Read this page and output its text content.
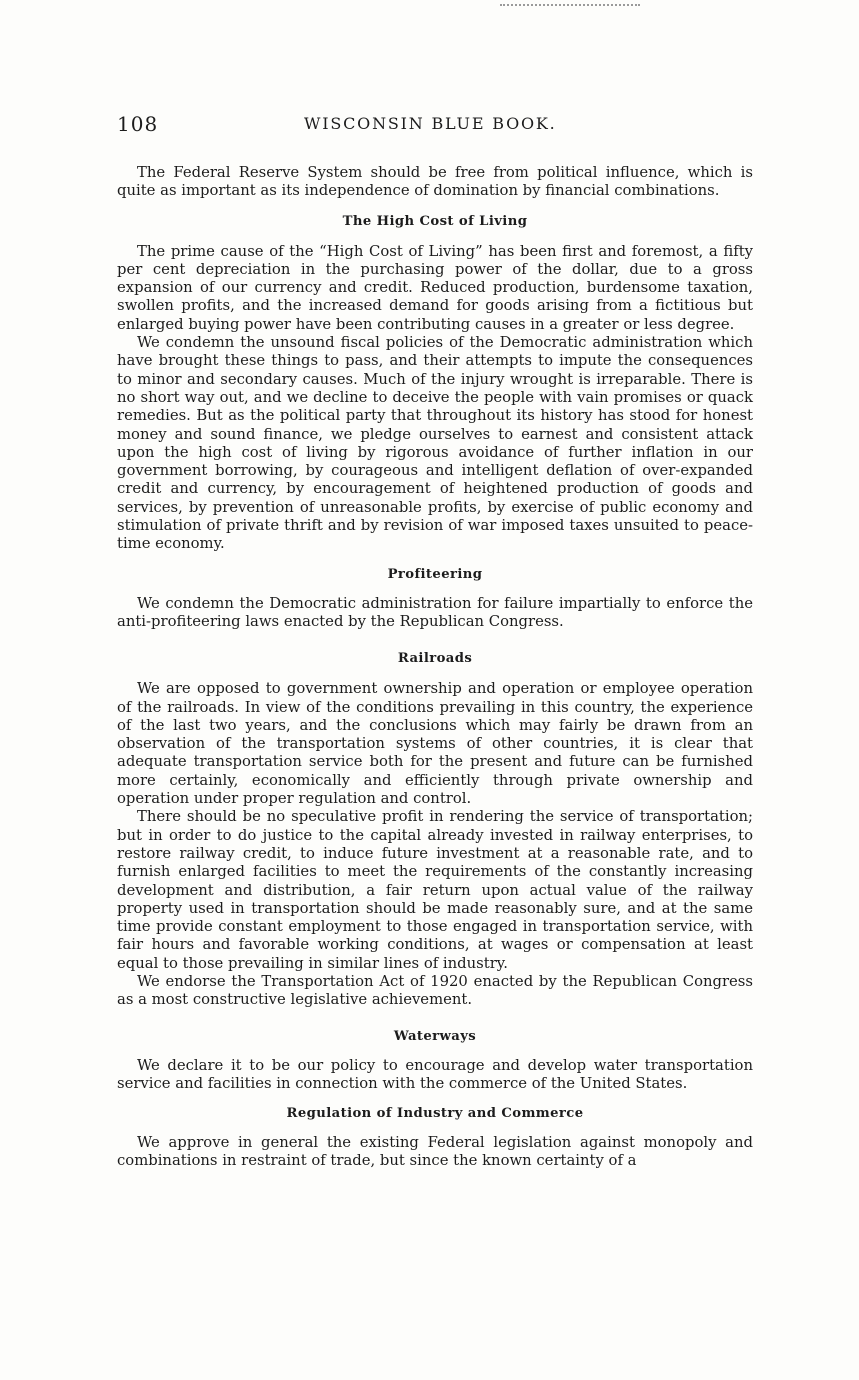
108	WISCONSIN BLUE BOOK.

The Federal Reserve System should be free from political influence, which is quite as important as its independence of domination by financial combinations.

The High Cost of Living

The prime cause of the “High Cost of Living” has been first and foremost, a fifty per cent depreciation in the purchasing power of the dollar, due to a gross expansion of our currency and credit. Reduced production, burdensome taxation, swollen profits, and the increased demand for goods arising from a fictitious but enlarged buying power have been contributing causes in a greater or less degree.

We condemn the unsound fiscal policies of the Democratic administration which have brought these things to pass, and their attempts to impute the consequences to minor and secondary causes. Much of the injury wrought is irreparable. There is no short way out, and we decline to deceive the people with vain promises or quack remedies. But as the political party that throughout its history has stood for honest money and sound finance, we pledge ourselves to earnest and consistent attack upon the high cost of living by rigorous avoidance of further inflation in our government borrowing, by courageous and intelligent deflation of over-expanded credit and currency, by encouragement of heightened production of goods and services, by prevention of unreasonable profits, by exercise of public economy and stimulation of private thrift and by revision of war imposed taxes unsuited to peace-time economy.

Profiteering

We condemn the Democratic administration for failure impartially to enforce the anti-profiteering laws enacted by the Republican Congress.

Railroads

We are opposed to government ownership and operation or employee operation of the railroads. In view of the conditions prevailing in this country, the experience of the last two years, and the conclusions which may fairly be drawn from an observation of the transportation systems of other countries, it is clear that adequate transportation service both for the present and future can be furnished more certainly, economically and efficiently through private ownership and operation under proper regulation and control.

There should be no speculative profit in rendering the service of transportation; but in order to do justice to the capital already invested in railway enterprises, to restore railway credit, to induce future investment at a reasonable rate, and to furnish enlarged facilities to meet the requirements of the constantly increasing development and distribution, a fair return upon actual value of the railway property used in transportation should be made reasonably sure, and at the same time provide constant employment to those engaged in transportation service, with fair hours and favorable working conditions, at wages or compensation at least equal to those prevailing in similar lines of industry.

We endorse the Transportation Act of 1920 enacted by the Republican Congress as a most constructive legislative achievement.

Waterways

We declare it to be our policy to encourage and develop water transportation service and facilities in connection with the commerce of the United States.

Regulation of Industry and Commerce

We approve in general the existing Federal legislation against monopoly and combinations in restraint of trade, but since the known certainty of a
